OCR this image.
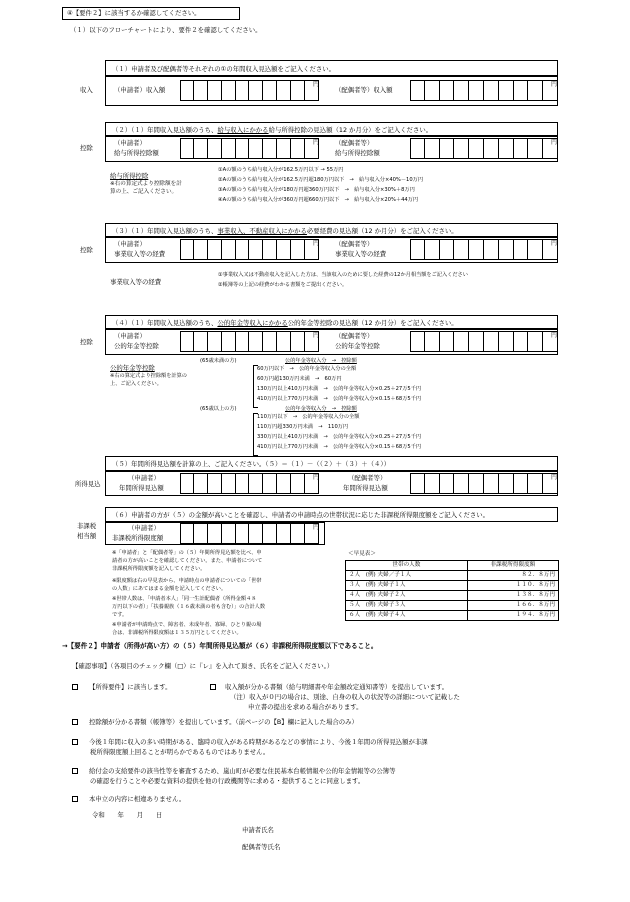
④【要件２】に該当するか確認してください。
（１）以下のフローチャートにより、要件２を確認してください。
（１）申請者及び配偶者等それぞれの①の年間収入見込額をご記入ください。
収入	（申請者）収入額
円
（配偶者等）収入額
円
（２）（１）年間収入見込額のうち、給与収入にかかる給与所得控除の見込額（12 か月分）をご記入ください。
控除
（申請者）
給与所得控除額
円 （配偶者等）
給与所得控除額
円
給与所得控除
※右の算定式より控除額を計
算の上、ご記入ください。
①Aの額のうち給与収入分が162.5万円以下 → 55万円
②Aの額のうち給与収入分が162.5万円超180万円以下　→　給与収入分×40%－10万円
③Aの額のうち給与収入分が180万円超360万円以下　→　給与収入分×30%＋8万円
④Aの額のうち給与収入分が360万円超660万円以下　→　給与収入分×20%＋44万円
（３）（１）年間収入見込額のうち、事業収入、不動産収入にかかる必要経費の見込額（12 か月分）をご記入ください。
控除
（申請者）
事業収入等の経費
円 （配偶者等）
事業収入等の経費
円
事業収入等の経費
①事業収入又は不動産収入を記入した方は、当該収入のために要した経費の12か月相当額をご記入ください
②帳簿等の上記の経費がわかる書類をご提出ください。
（４）（１）年間収入見込額のうち、公的年金等収入にかかる公的年金等控除の見込額（12 か月分）をご記入ください。
控除
（申請者）
公的年金等控除
円 （配偶者等）
公的年金等控除
円
公的年金等控除
※右の算定式より控除額を計算の
上、ご記入ください。
(65歳未満の方)	公的年金等収入分　→　控除額
60万円以下　→　公的年金等収入分の全額
60万円超130万円未満　→　60万円
130万円以上410万円未満　→　公的年金等収入分×0.25＋27万5千円
410万円以上770万円未満　→　公的年金等収入分×0.15＋68万5千円
(65歳以上の方)	公的年金等収入分　→　控除額
110万円以下　→　公的年金等収入分の全額
110万円超330万円未満　→　110万円
330万円以上410万円未満　→　公的年金等収入分×0.25＋27万5千円
410万円以上770万円未満　→　公的年金等収入分×0.15＋68万5千円
（５）年間所得見込額を計算の上、ご記入ください。（５）＝（１）－（（２）＋（３）＋（４））
所得見込
（申請者）
年間所得見込額
円	（配偶者等）
年間所得見込額
円
（６）申請者の方が（５）の金額が高いことを確認し、申請者の申請時点の世帯状況に応じた非課税所得限度額をご記入ください。
非課税
相当額
（申請者）
非課税所得限度額
円
※「申請者」と「配偶者等」の（５）年間所得見込額を比べ、申
請者の方が高いことを確認してください。また、申請者について
非課税所得限度額を記入してください。
※限度額は右の早見表から、申請時点の申請者についての「世帯
の人数」にあてはまる金額を記入してください。
※世帯人数は、「申請者本人」「同一生計配偶者（所得金額４８
万円以下の者）」「扶養親族（１６歳未満の者も含む）」の合計人数
です。
※申請者が申請時点で、障害者、未成年者、寡婦、ひとり親の場
合は、非課税所得限度額は１３５万円としてください。
＜早見表＞
世帯の人数	非課税所得限度額
２人　(例) 夫婦／子１人	８２．８万円
３人　(例) 夫婦子１人	１１０．８万円
４人　(例) 夫婦子２人	１３８．８万円
５人　(例) 夫婦子３人	１６６．８万円
６人　(例) 夫婦子４人	１９４．８万円
→【要件２】申請者（所得が高い方）の（５）年間所得見込額が（６）非課税所得限度額以下であること。
【確認事項】（各項目のチェック欄（□）に『レ』を入れて頂き、氏名をご記入ください。）
【所得要件】に該当します。	収入額が分かる書類（給与明細書や年金額改定通知書等）を提出しています。
（注）収入が０円の場合は、別途、自身の収入の状況等の詳細について記載した
申立書の提出を求める場合があります。
控除額が分かる書類（帳簿等）を提出しています。（前ページの【B】欄に記入した場合のみ）
今後１年間に収入の多い時期がある、臨時の収入がある時期があるなどの事情により、今後１年間の所得見込額が非課
税所得限度額上回ることが明らかであるものではありません。
給付金の支給要件の該当性等を審査するため、嵐山町が必要な住民基本台帳情報や公的年金情報等の公簿等
の確認を行うことや必要な資料の提供を他の行政機関等に求める・提供することに同意します。
本申立の内容に相違ありません。
令和　　年　　月　　日
申請者氏名
配偶者等氏名
